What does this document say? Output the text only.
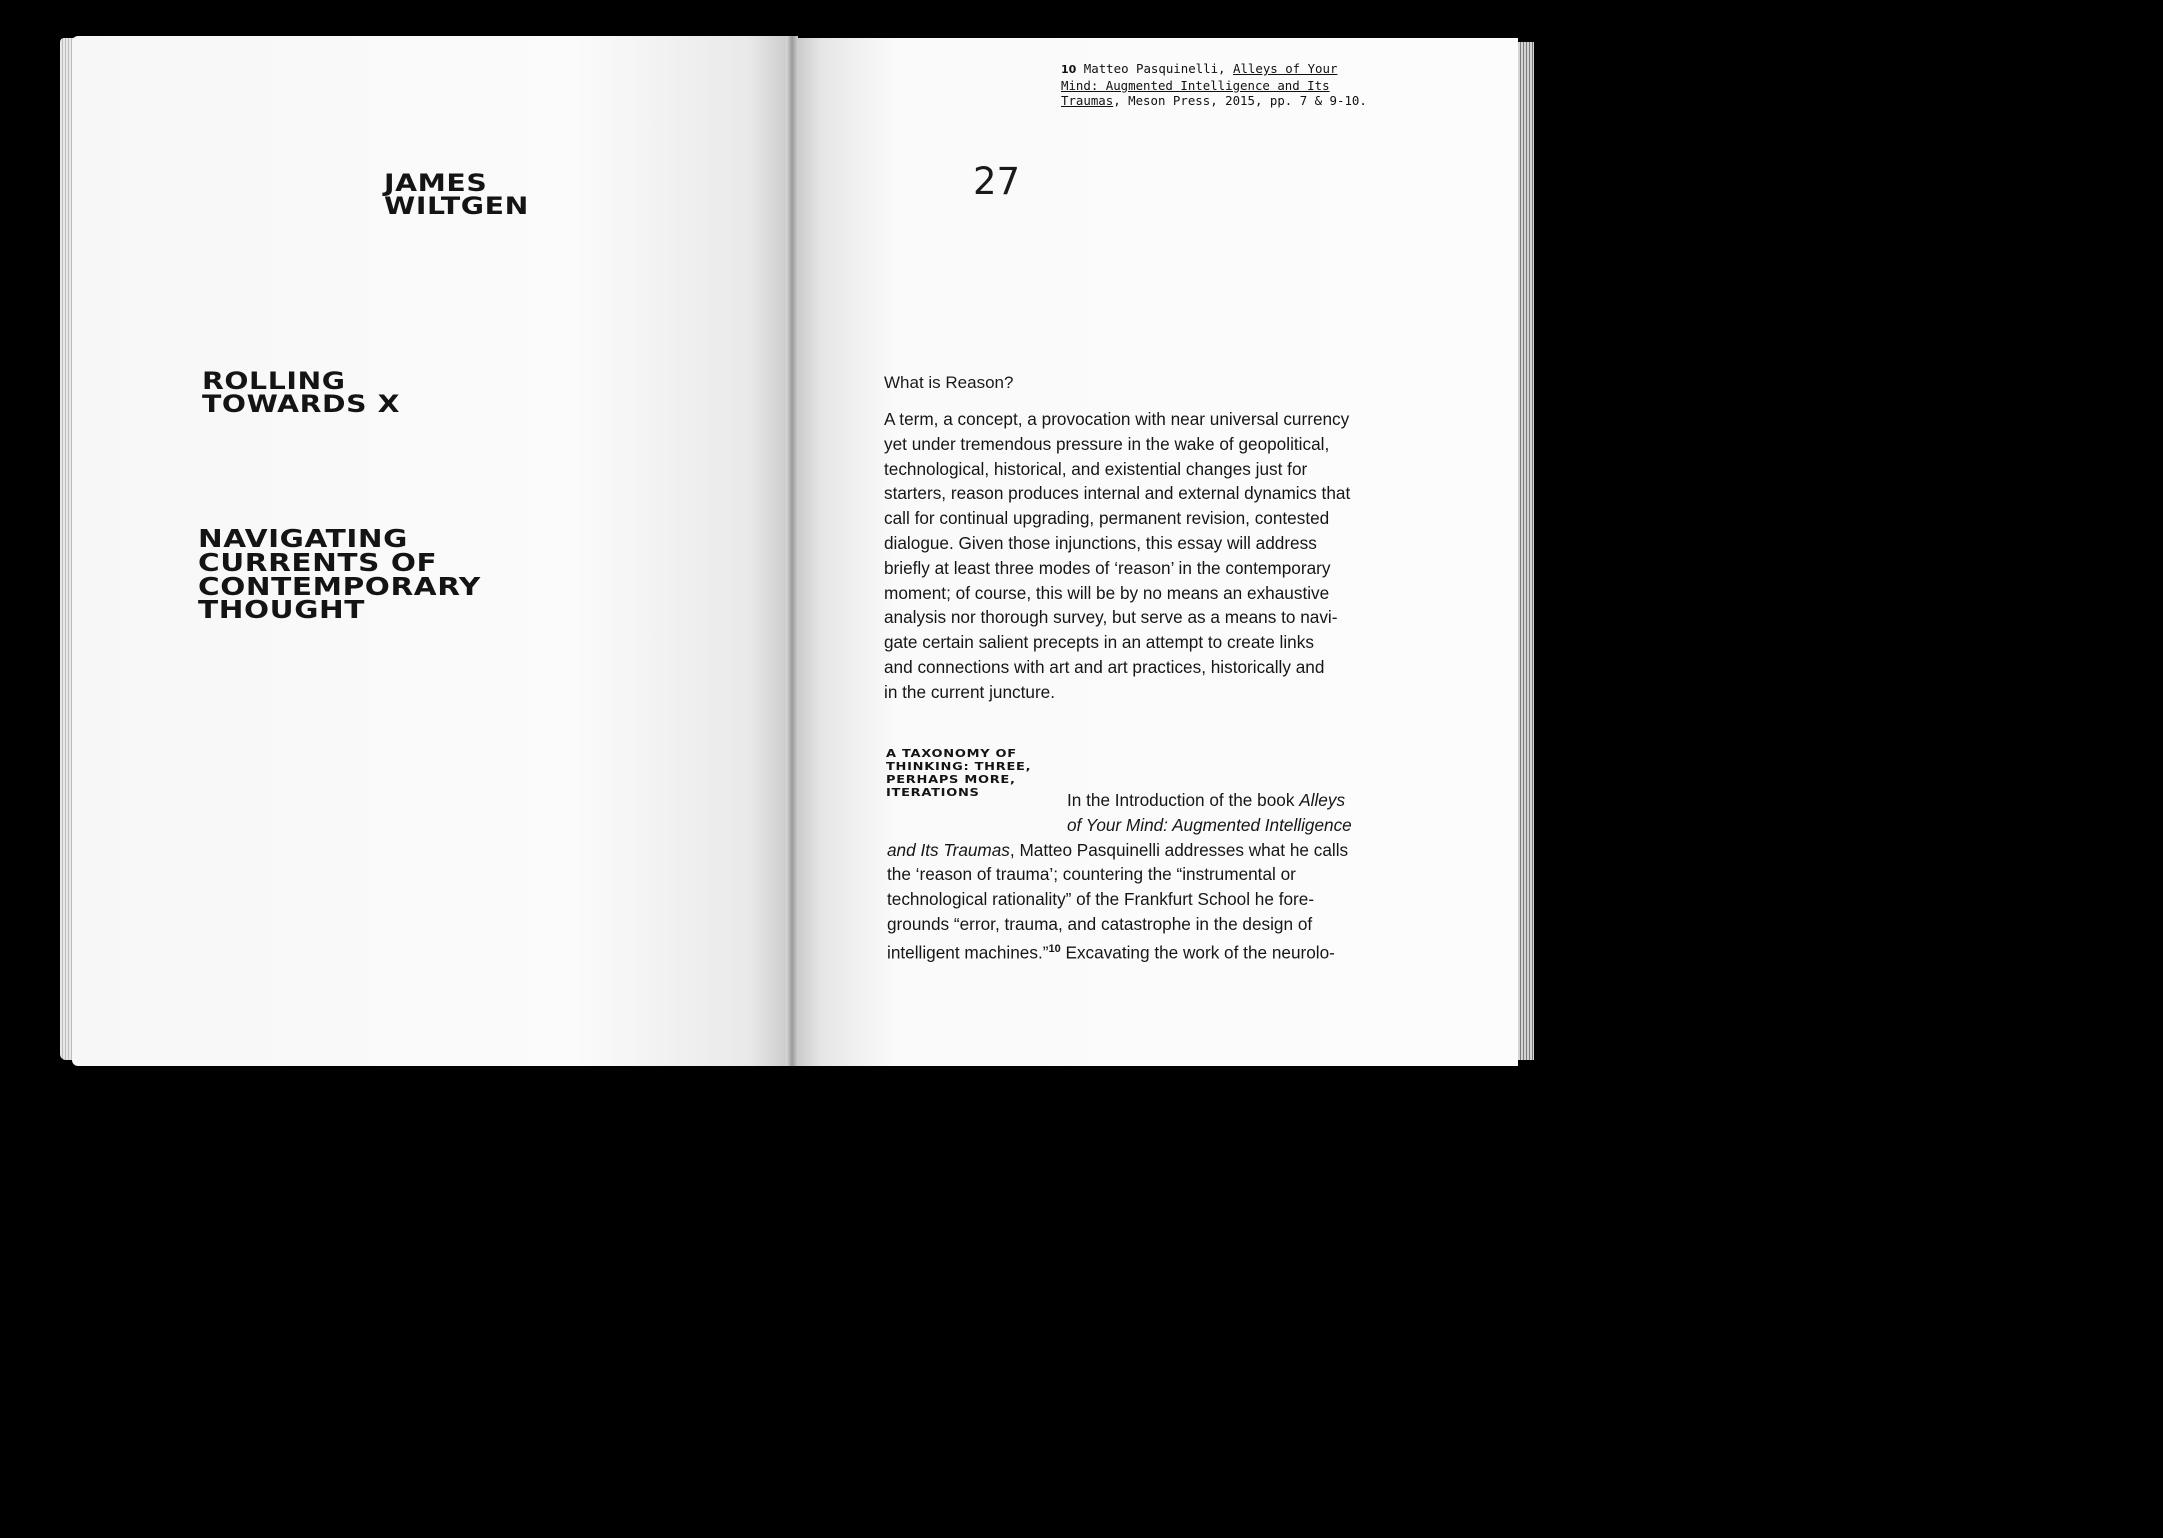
JAMES
WILTGEN
ROLLING
TOWARDS X
NAVIGATING
CURRENTS OF
CONTEMPORARY
THOUGHT
10 Matteo Pasquinelli, Alleys of Your
Mind: Augmented Intelligence and Its
Traumas, Meson Press, 2015, pp. 7 & 9-10.
27
What is Reason?
A term, a concept, a provocation with near universal currency
yet under tremendous pressure in the wake of geopolitical,
technological, historical, and existential changes just for
starters, reason produces internal and external dynamics that
call for continual upgrading, permanent revision, contested
dialogue. Given those injunctions, this essay will address
briefly at least three modes of ‘reason’ in the contemporary
moment; of course, this will be by no means an exhaustive
analysis nor thorough survey, but serve as a means to navi-
gate certain salient precepts in an attempt to create links
and connections with art and art practices, historically and
in the current juncture.
A TAXONOMY OF
THINKING: THREE,
PERHAPS MORE,
ITERATIONS	In the Introduction of the book Alleys
of Your Mind: Augmented Intelligence
and Its Traumas, Matteo Pasquinelli addresses what he calls
the ‘reason of trauma’; countering the “instrumental or
technological rationality” of the Frankfurt School he fore-
grounds “error, trauma, and catastrophe in the design of
intelligent machines.”$^{10}$ Excavating the work of the neurolo-
